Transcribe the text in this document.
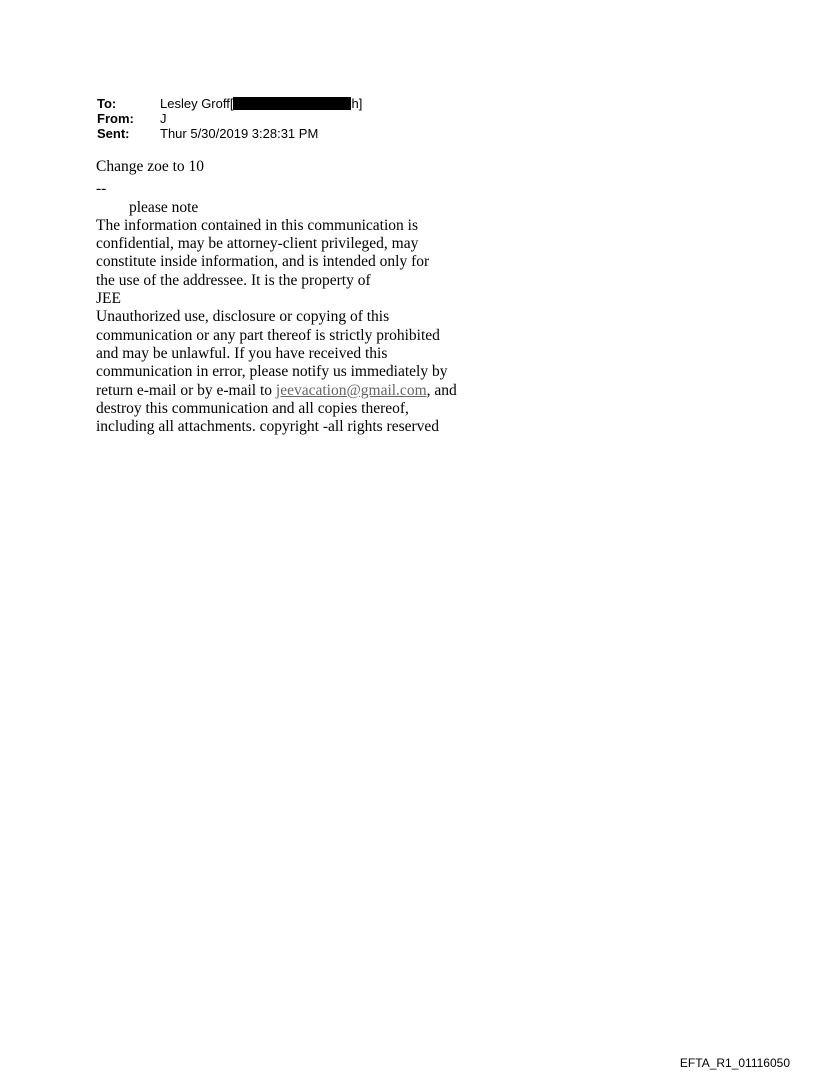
To:	Lesley Groff[	h]
From:	J
Sent:	Thur 5/30/2019 3:28:31 PM

Change zoe to 10

--

please note

The information contained in this communication is

confidential, may be attorney-client privileged, may

constitute inside information, and is intended only for

the use of the addressee. It is the property of

JEE

Unauthorized use, disclosure or copying of this

communication or any part thereof is strictly prohibited

and may be unlawful. If you have received this

communication in error, please notify us immediately by

return e-mail or by e-mail to jeevacation@gmail.com, and

destroy this communication and all copies thereof,

including all attachments. copyright -all rights reserved

EFTA_R1_01116050
